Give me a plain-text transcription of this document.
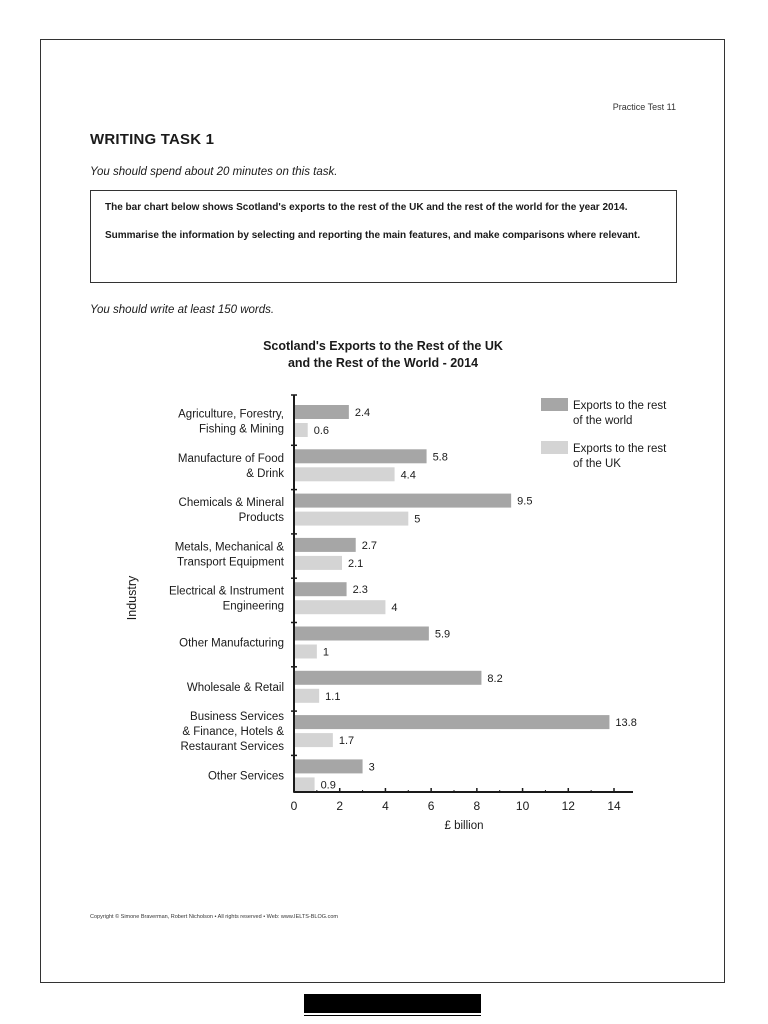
Practice Test 11
WRITING TASK 1
You should spend about 20 minutes on this task.

The bar chart below shows Scotland's exports to the rest of the UK and the rest of the world for the year 2014.

Summarise the information by selecting and reporting the main features, and make comparisons where relevant.

You should write at least 150 words.
Scotland's Exports to the Rest of the UK
and the Rest of the World - 2014
2.4
0.6
Agriculture, Forestry,
Fishing & Mining
5.8
4.4
Manufacture of Food
& Drink
9.5
5
Chemicals & Mineral
Products
2.7
2.1
Metals, Mechanical &
Transport Equipment
2.3
4
Electrical & Instrument
Engineering
5.9
1
Other Manufacturing
8.2
1.1
Wholesale & Retail
13.8
1.7
Business Services
& Finance, Hotels &
Restaurant Services
3
0.9
Other Services
0	2	4	6	8	10	12	14
£ billion
Industry
Exports to the rest
of the world
Exports to the rest
of the UK
Copyright © Simone Braverman, Robert Nicholson • All rights reserved • Web: www.IELTS-BLOG.com
